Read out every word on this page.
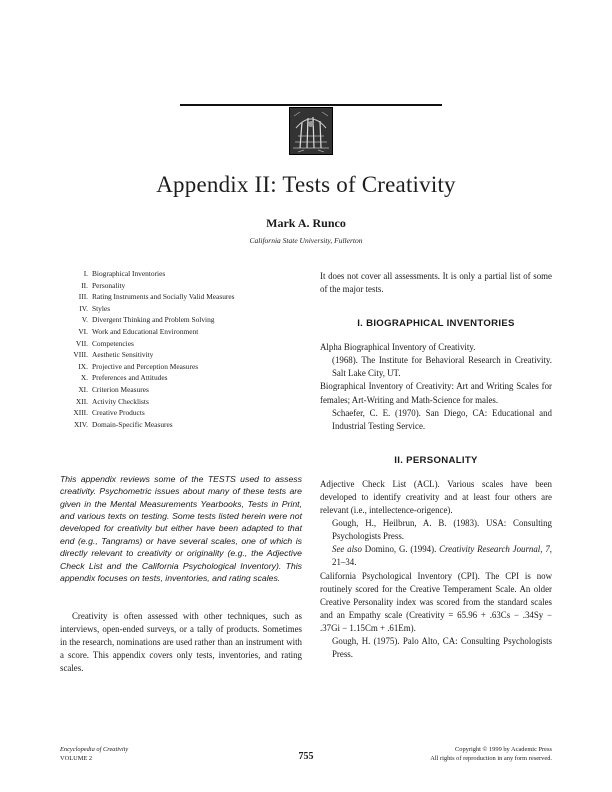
Appendix II: Tests of Creativity
Mark A. Runco
California State University, Fullerton
I. Biographical Inventories
II. Personality
III. Rating Instruments and Socially Valid Measures
IV. Styles
V. Divergent Thinking and Problem Solving
VI. Work and Educational Environment
VII. Competencies
VIII. Aesthetic Sensitivity
IX. Projective and Perception Measures
X. Preferences and Attitudes
XI. Criterion Measures
XII. Activity Checklists
XIII. Creative Products
XIV. Domain-Specific Measures

This appendix reviews some of the TESTS used to assess creativity. Psychometric issues about many of these tests are given in the Mental Measurements Yearbooks, Tests in Print, and various texts on testing. Some tests listed herein were not developed for creativity but either have been adapted to that end (e.g., Tangrams) or have several scales, one of which is directly relevant to creativity or originality (e.g., the Adjective Check List and the California Psychological Inventory). This appendix focuses on tests, inventories, and rating scales.

Creativity is often assessed with other techniques, such as interviews, open-ended surveys, or a tally of products. Sometimes in the research, nominations are used rather than an instrument with a score. This appendix covers only tests, inventories, and rating scales.

It does not cover all assessments. It is only a partial list of some of the major tests.

I. BIOGRAPHICAL INVENTORIES

Alpha Biographical Inventory of Creativity.

(1968). The Institute for Behavioral Research in Creativity. Salt Lake City, UT.

Biographical Inventory of Creativity: Art and Writing Scales for females; Art-Writing and Math-Science for males.

Schaefer, C. E. (1970). San Diego, CA: Educational and Industrial Testing Service.

II. PERSONALITY

Adjective Check List (ACL). Various scales have been developed to identify creativity and at least four others are relevant (i.e., intellectence-origence).

Gough, H., Heilbrun, A. B. (1983). USA: Consulting Psychologists Press.

See also Domino, G. (1994). Creativity Research Journal, 7, 21–34.

California Psychological Inventory (CPI). The CPI is now routinely scored for the Creative Temperament Scale. An older Creative Personality index was scored from the standard scales and an Empathy scale (Creativity = 65.96 + .63Cs − .34Sy − .37Gi − 1.15Cm + .61Em).

Gough, H. (1975). Palo Alto, CA: Consulting Psychologists Press.

Encyclopedia of Creativity
VOLUME 2	755
Copyright © 1999 by Academic Press
All rights of reproduction in any form reserved.
